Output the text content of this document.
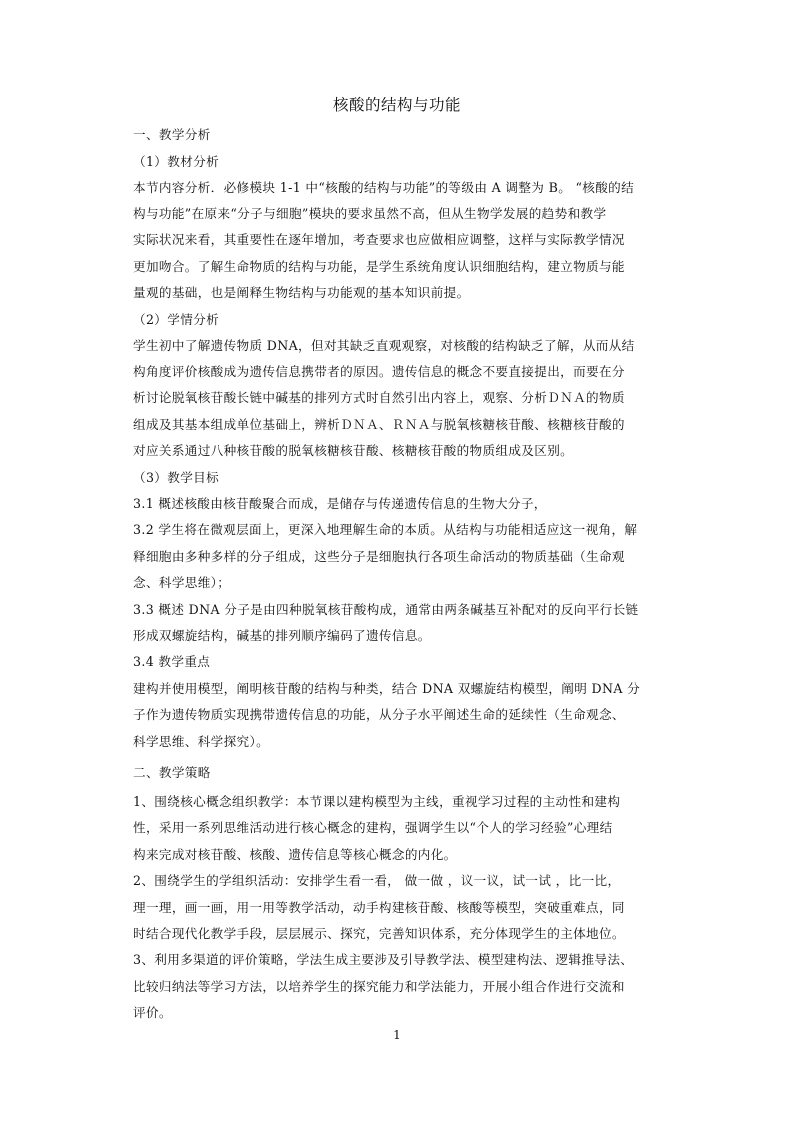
核酸的结构与功能
一、教学分析
（1）教材分析
本节内容分析．必修模块 1-1 中“核酸的结构与功能”的等级由 A 调整为 B。 “核酸的结
构与功能”在原来“分子与细胞”模块的要求虽然不高，但从生物学发展的趋势和教学
实际状况来看，其重要性在逐年增加，考查要求也应做相应调整，这样与实际教学情况
更加吻合。了解生命物质的结构与功能，是学生系统角度认识细胞结构，建立物质与能
量观的基础，也是阐释生物结构与功能观的基本知识前提。
（2）学情分析
学生初中了解遗传物质 DNA，但对其缺乏直观观察，对核酸的结构缺乏了解，从而从结
构角度评价核酸成为遗传信息携带者的原因。遗传信息的概念不要直接提出，而要在分
析讨论脱氧核苷酸长链中碱基的排列方式时自然引出内容上，观察、分析ＤＮＡ的物质
组成及其基本组成单位基础上，辨析ＤＮＡ、ＲＮＡ与脱氧核糖核苷酸、核糖核苷酸的
对应关系通过八种核苷酸的脱氧核糖核苷酸、核糖核苷酸的物质组成及区别。
（3）教学目标
3.1 概述核酸由核苷酸聚合而成，是储存与传递遗传信息的生物大分子，
3.2 学生将在微观层面上，更深入地理解生命的本质。从结构与功能相适应这一视角，解
释细胞由多种多样的分子组成，这些分子是细胞执行各项生命活动的物质基础（生命观
念、科学思维）；
3.3 概述 DNA 分子是由四种脱氧核苷酸构成，通常由两条碱基互补配对的反向平行长链
形成双螺旋结构，碱基的排列顺序编码了遗传信息。
3.4 教学重点
建构并使用模型，阐明核苷酸的结构与种类，结合 DNA 双螺旋结构模型，阐明 DNA 分
子作为遗传物质实现携带遗传信息的功能，从分子水平阐述生命的延续性（生命观念、
科学思维、科学探究）。
二、教学策略
1、围绕核心概念组织教学：本节课以建构模型为主线，重视学习过程的主动性和建构
性，采用一系列思维活动进行核心概念的建构，强调学生以“个人的学习经验”心理结
构来完成对核苷酸、核酸、遗传信息等核心概念的内化。
2、围绕学生的学组织活动：安排学生看一看， 做一做 ，议一议，试一试 ，比一比，
理一理，画一画，用一用等教学活动，动手构建核苷酸、核酸等模型，突破重难点，同
时结合现代化教学手段，层层展示、探究，完善知识体系，充分体现学生的主体地位。
3、利用多渠道的评价策略，学法生成主要涉及引导教学法、模型建构法、逻辑推导法、
比较归纳法等学习方法，以培养学生的探究能力和学法能力，开展小组合作进行交流和
评价。
1
